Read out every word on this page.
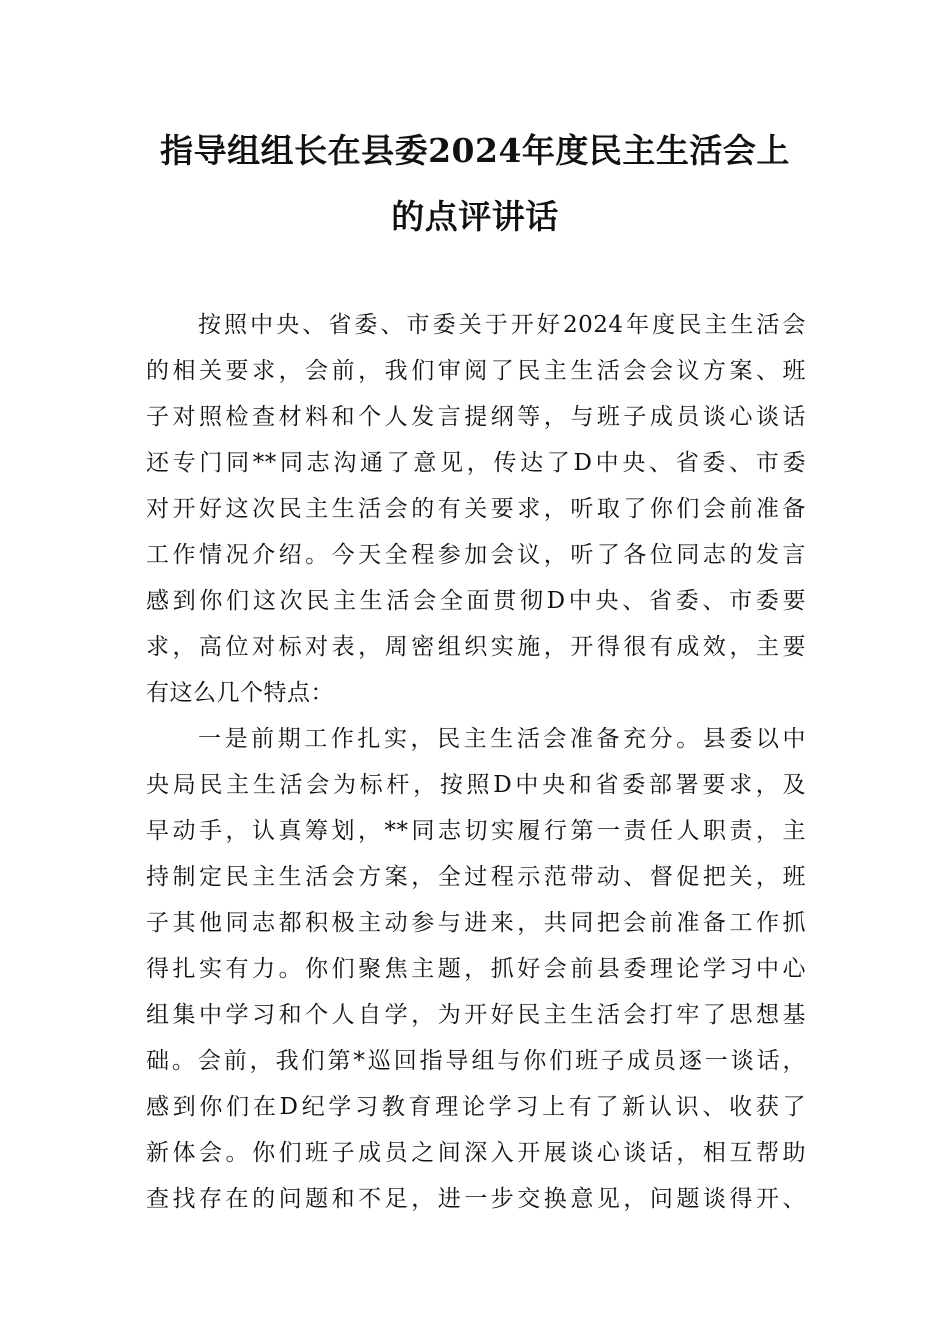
指导组组长在县委2024年度民主生活会上
的点评讲话
按照中央、省委、市委关于开好2024年度民主生活会
的相关要求，会前，我们审阅了民主生活会会议方案、班
子对照检查材料和个人发言提纲等，与班子成员谈心谈话
还专门同**同志沟通了意见，传达了D中央、省委、市委
对开好这次民主生活会的有关要求，听取了你们会前准备
工作情况介绍。今天全程参加会议，听了各位同志的发言
感到你们这次民主生活会全面贯彻D中央、省委、市委要
求，高位对标对表，周密组织实施，开得很有成效，主要
有这么几个特点：
一是前期工作扎实，民主生活会准备充分。县委以中
央局民主生活会为标杆，按照D中央和省委部署要求，及
早动手，认真筹划，**同志切实履行第一责任人职责，主
持制定民主生活会方案，全过程示范带动、督促把关，班
子其他同志都积极主动参与进来，共同把会前准备工作抓
得扎实有力。你们聚焦主题，抓好会前县委理论学习中心
组集中学习和个人自学，为开好民主生活会打牢了思想基
础。会前，我们第*巡回指导组与你们班子成员逐一谈话，
感到你们在D纪学习教育理论学习上有了新认识、收获了
新体会。你们班子成员之间深入开展谈心谈话，相互帮助
查找存在的问题和不足，进一步交换意见，问题谈得开、
